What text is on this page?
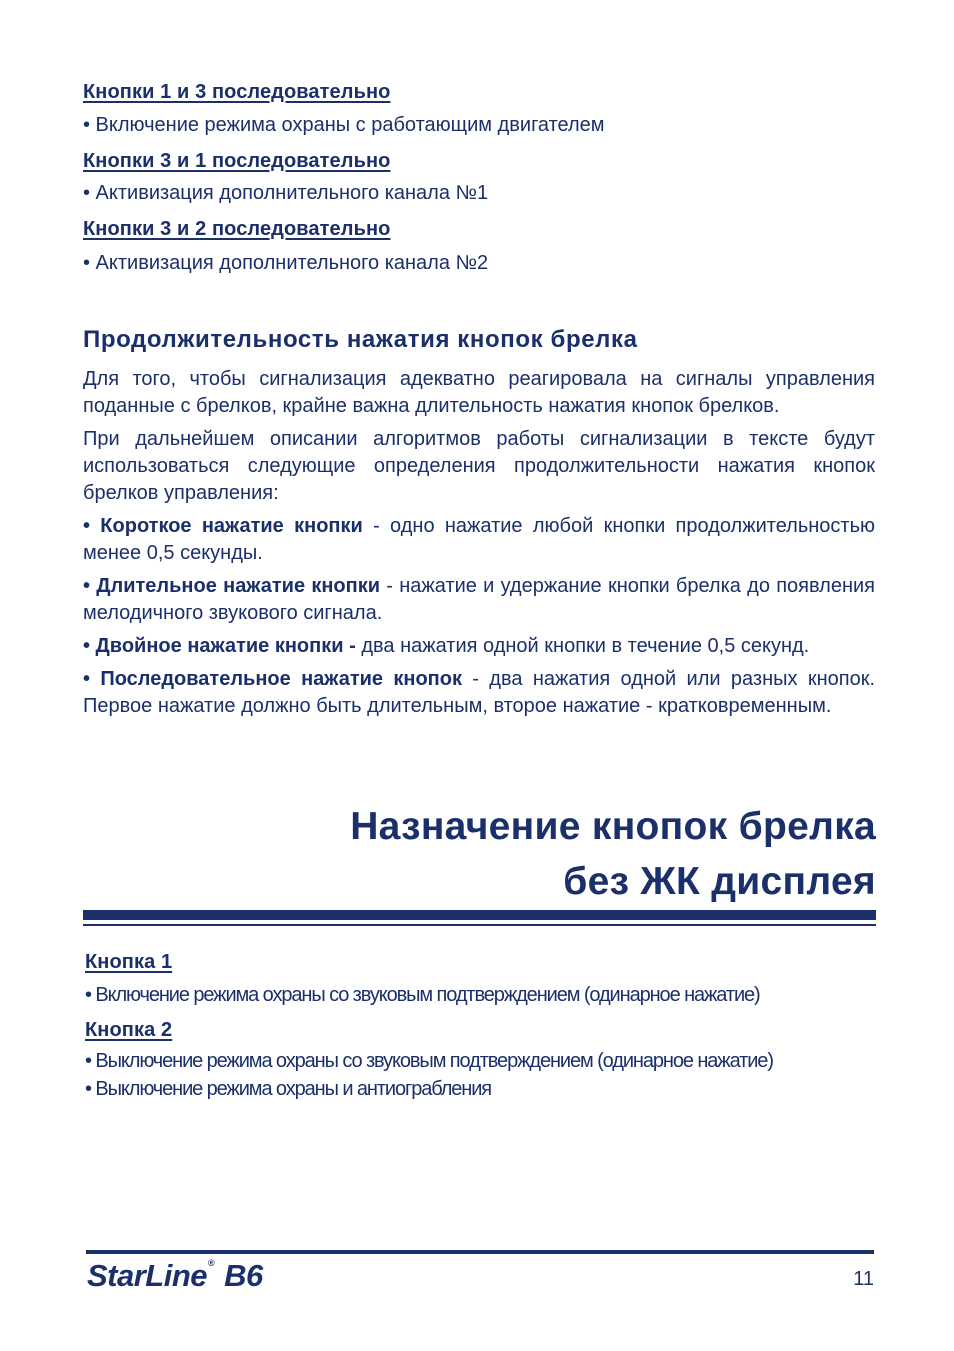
Кнопки 1 и 3 последовательно

• Включение режима охраны с работающим двигателем

Кнопки 3 и 1 последовательно

• Активизация дополнительного канала №1

Кнопки 3 и 2 последовательно

• Активизация дополнительного канала №2

Продолжительность нажатия кнопок брелка

Для того, чтобы сигнализация адекватно реагировала на сигналы управления поданные с брелков, крайне важна длительность нажатия кнопок брелков.

При дальнейшем описании алгоритмов работы сигнализации в тексте будут использоваться следующие определения продолжительности нажатия кнопок брелков управления:

• Короткое нажатие кнопки - одно нажатие любой кнопки продолжительностью менее 0,5 секунды.

• Длительное нажатие кнопки - нажатие и удержание кнопки брелка до появления мелодичного звукового сигнала.

• Двойное нажатие кнопки - два нажатия одной кнопки в течение 0,5 секунд.

• Последовательное нажатие кнопок - два нажатия одной или разных кнопок. Первое нажатие должно быть длительным, второе нажатие - кратковременным.

Назначение кнопок брелка
без ЖК дисплея

Кнопка 1

• Включение режима охраны со звуковым подтверждением (одинарное нажатие)

Кнопка 2

• Выключение режима охраны со звуковым подтверждением (одинарное нажатие)

• Выключение режима охраны и антиограбления

StarLine® B6	11
